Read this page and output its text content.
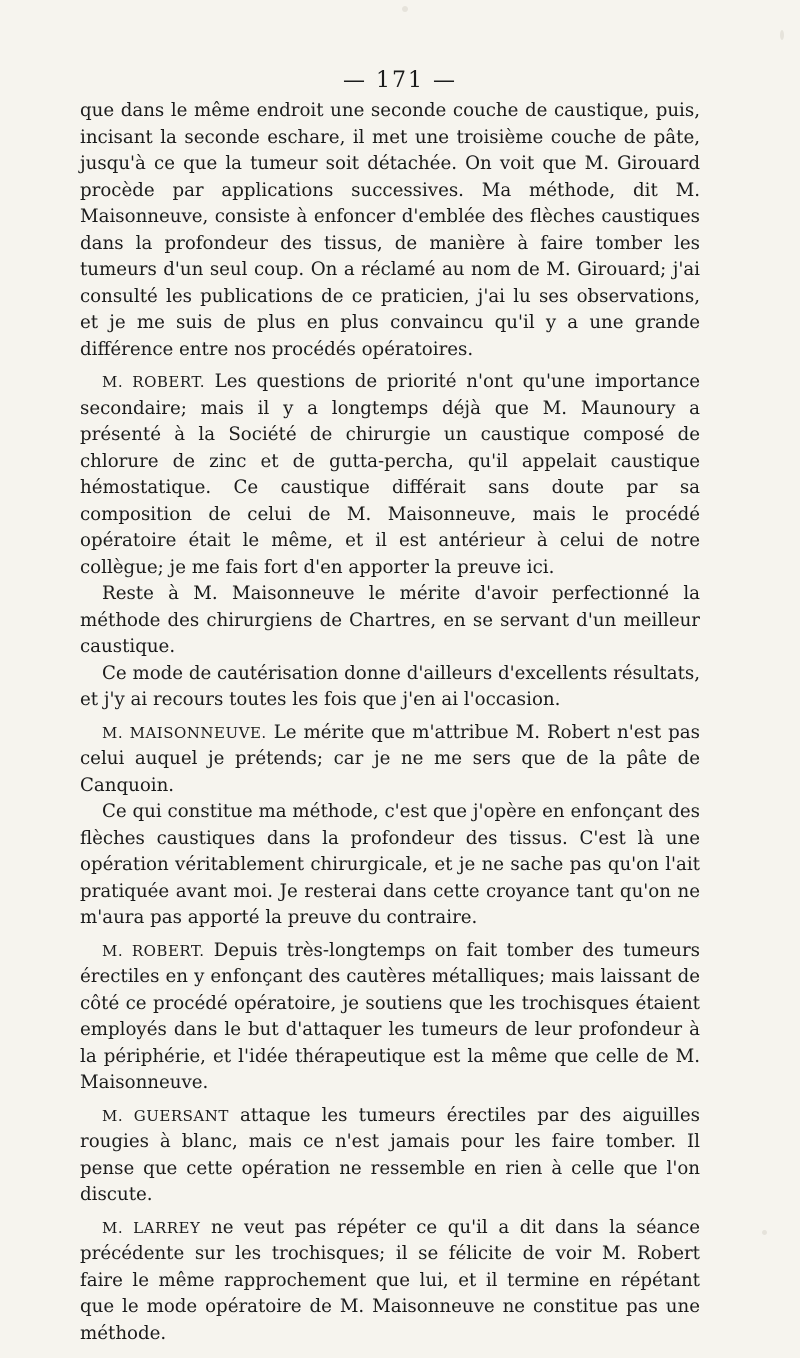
— 171 —

que dans le même endroit une seconde couche de caustique, puis, incisant la seconde eschare, il met une troisième couche de pâte, jusqu'à ce que la tumeur soit détachée. On voit que M. Girouard procède par applications successives. Ma méthode, dit M. Maisonneuve, consiste à enfoncer d'emblée des flèches caustiques dans la profondeur des tissus, de manière à faire tomber les tumeurs d'un seul coup. On a réclamé au nom de M. Girouard; j'ai consulté les publications de ce praticien, j'ai lu ses observations, et je me suis de plus en plus convaincu qu'il y a une grande différence entre nos procédés opératoires.

M. ROBERT. Les questions de priorité n'ont qu'une importance secondaire; mais il y a longtemps déjà que M. Maunoury a présenté à la Société de chirurgie un caustique composé de chlorure de zinc et de gutta-percha, qu'il appelait caustique hémostatique. Ce caustique différait sans doute par sa composition de celui de M. Maisonneuve, mais le procédé opératoire était le même, et il est antérieur à celui de notre collègue; je me fais fort d'en apporter la preuve ici.

Reste à M. Maisonneuve le mérite d'avoir perfectionné la méthode des chirurgiens de Chartres, en se servant d'un meilleur caustique.

Ce mode de cautérisation donne d'ailleurs d'excellents résultats, et j'y ai recours toutes les fois que j'en ai l'occasion.

M. MAISONNEUVE. Le mérite que m'attribue M. Robert n'est pas celui auquel je prétends; car je ne me sers que de la pâte de Canquoin.

Ce qui constitue ma méthode, c'est que j'opère en enfonçant des flèches caustiques dans la profondeur des tissus. C'est là une opération véritablement chirurgicale, et je ne sache pas qu'on l'ait pratiquée avant moi. Je resterai dans cette croyance tant qu'on ne m'aura pas apporté la preuve du contraire.

M. ROBERT. Depuis très-longtemps on fait tomber des tumeurs érectiles en y enfonçant des cautères métalliques; mais laissant de côté ce procédé opératoire, je soutiens que les trochisques étaient employés dans le but d'attaquer les tumeurs de leur profondeur à la périphérie, et l'idée thérapeutique est la même que celle de M. Maisonneuve.

M. GUERSANT attaque les tumeurs érectiles par des aiguilles rougies à blanc, mais ce n'est jamais pour les faire tomber. Il pense que cette opération ne ressemble en rien à celle que l'on discute.

M. LARREY ne veut pas répéter ce qu'il a dit dans la séance précédente sur les trochisques; il se félicite de voir M. Robert faire le même rapprochement que lui, et il termine en répétant que le mode opératoire de M. Maisonneuve ne constitue pas une méthode.
